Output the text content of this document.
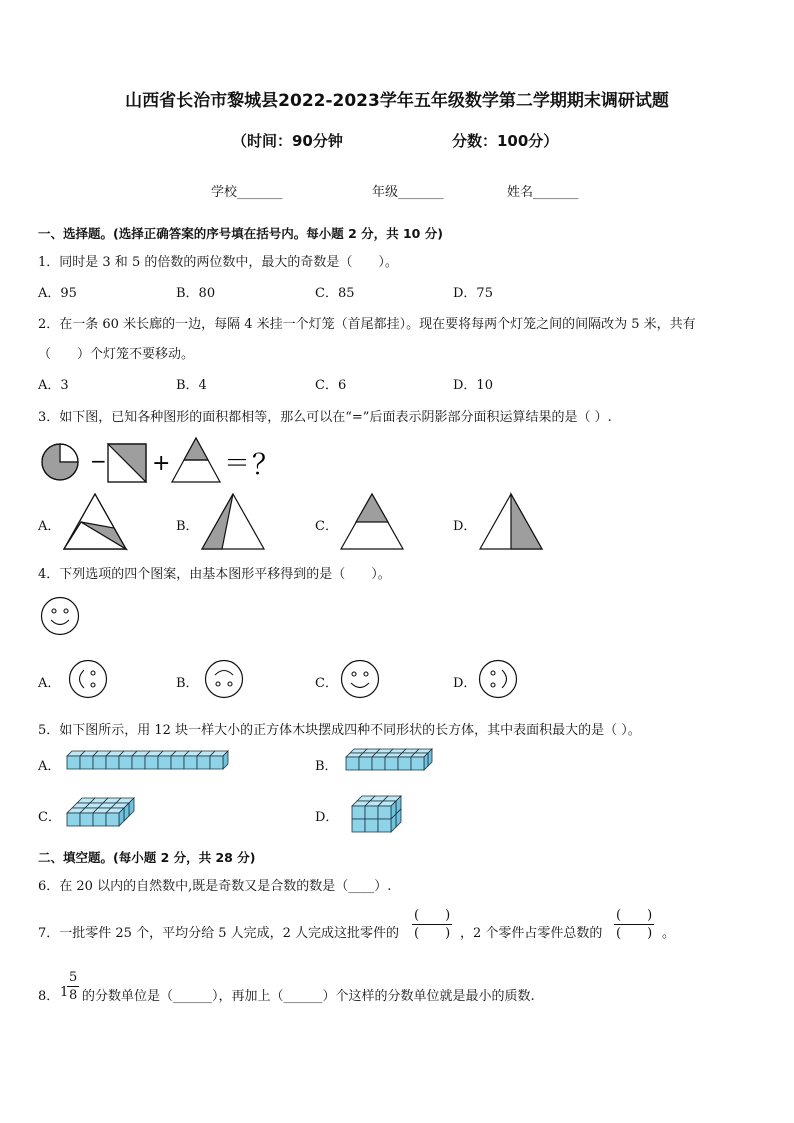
山西省长治市黎城县2022-2023学年五年级数学第二学期期末调研试题
（时间：90分钟	分数：100分）
学校_______	年级_______	姓名_______
一、选择题。(选择正确答案的序号填在括号内。每小题 2 分，共 10 分)
1．同时是 3 和 5 的倍数的两位数中，最大的奇数是（　　）。
A．95	B．80	C．85	D．75
2．在一条 60 米长廊的一边，每隔 4 米挂一个灯笼（首尾都挂）。现在要将每两个灯笼之间的间隔改为 5 米，共有
（　　）个灯笼不要移动。
A．3	B．4	C．6	D．10
3．如下图，已知各种图形的面积都相等，那么可以在“=”后面表示阴影部分面积运算结果的是（ ）.
− + ＝ ？
A．	B．	C．	D．
4．下列选项的四个图案，由基本图形平移得到的是（　　）。
A．	B．	C．	D．
5．如下图所示，用 12 块一样大小的正方体木块摆成四种不同形状的长方体，其中表面积最大的是（ ）。
A．	B．
C．	D．
二、填空题。(每小题 2 分，共 28 分)
6．在 20 以内的自然数中,既是奇数又是合数的数是（____）.
7．一批零件 25 个，平均分给 5 人完成，2 人完成这批零件的
(　　)
(　　) ，2 个零件占零件总数的
(　　)
(　　) 。
8． 1
$\frac{5}{8}$ 的分数单位是（______），再加上（______）个这样的分数单位就是最小的质数.
